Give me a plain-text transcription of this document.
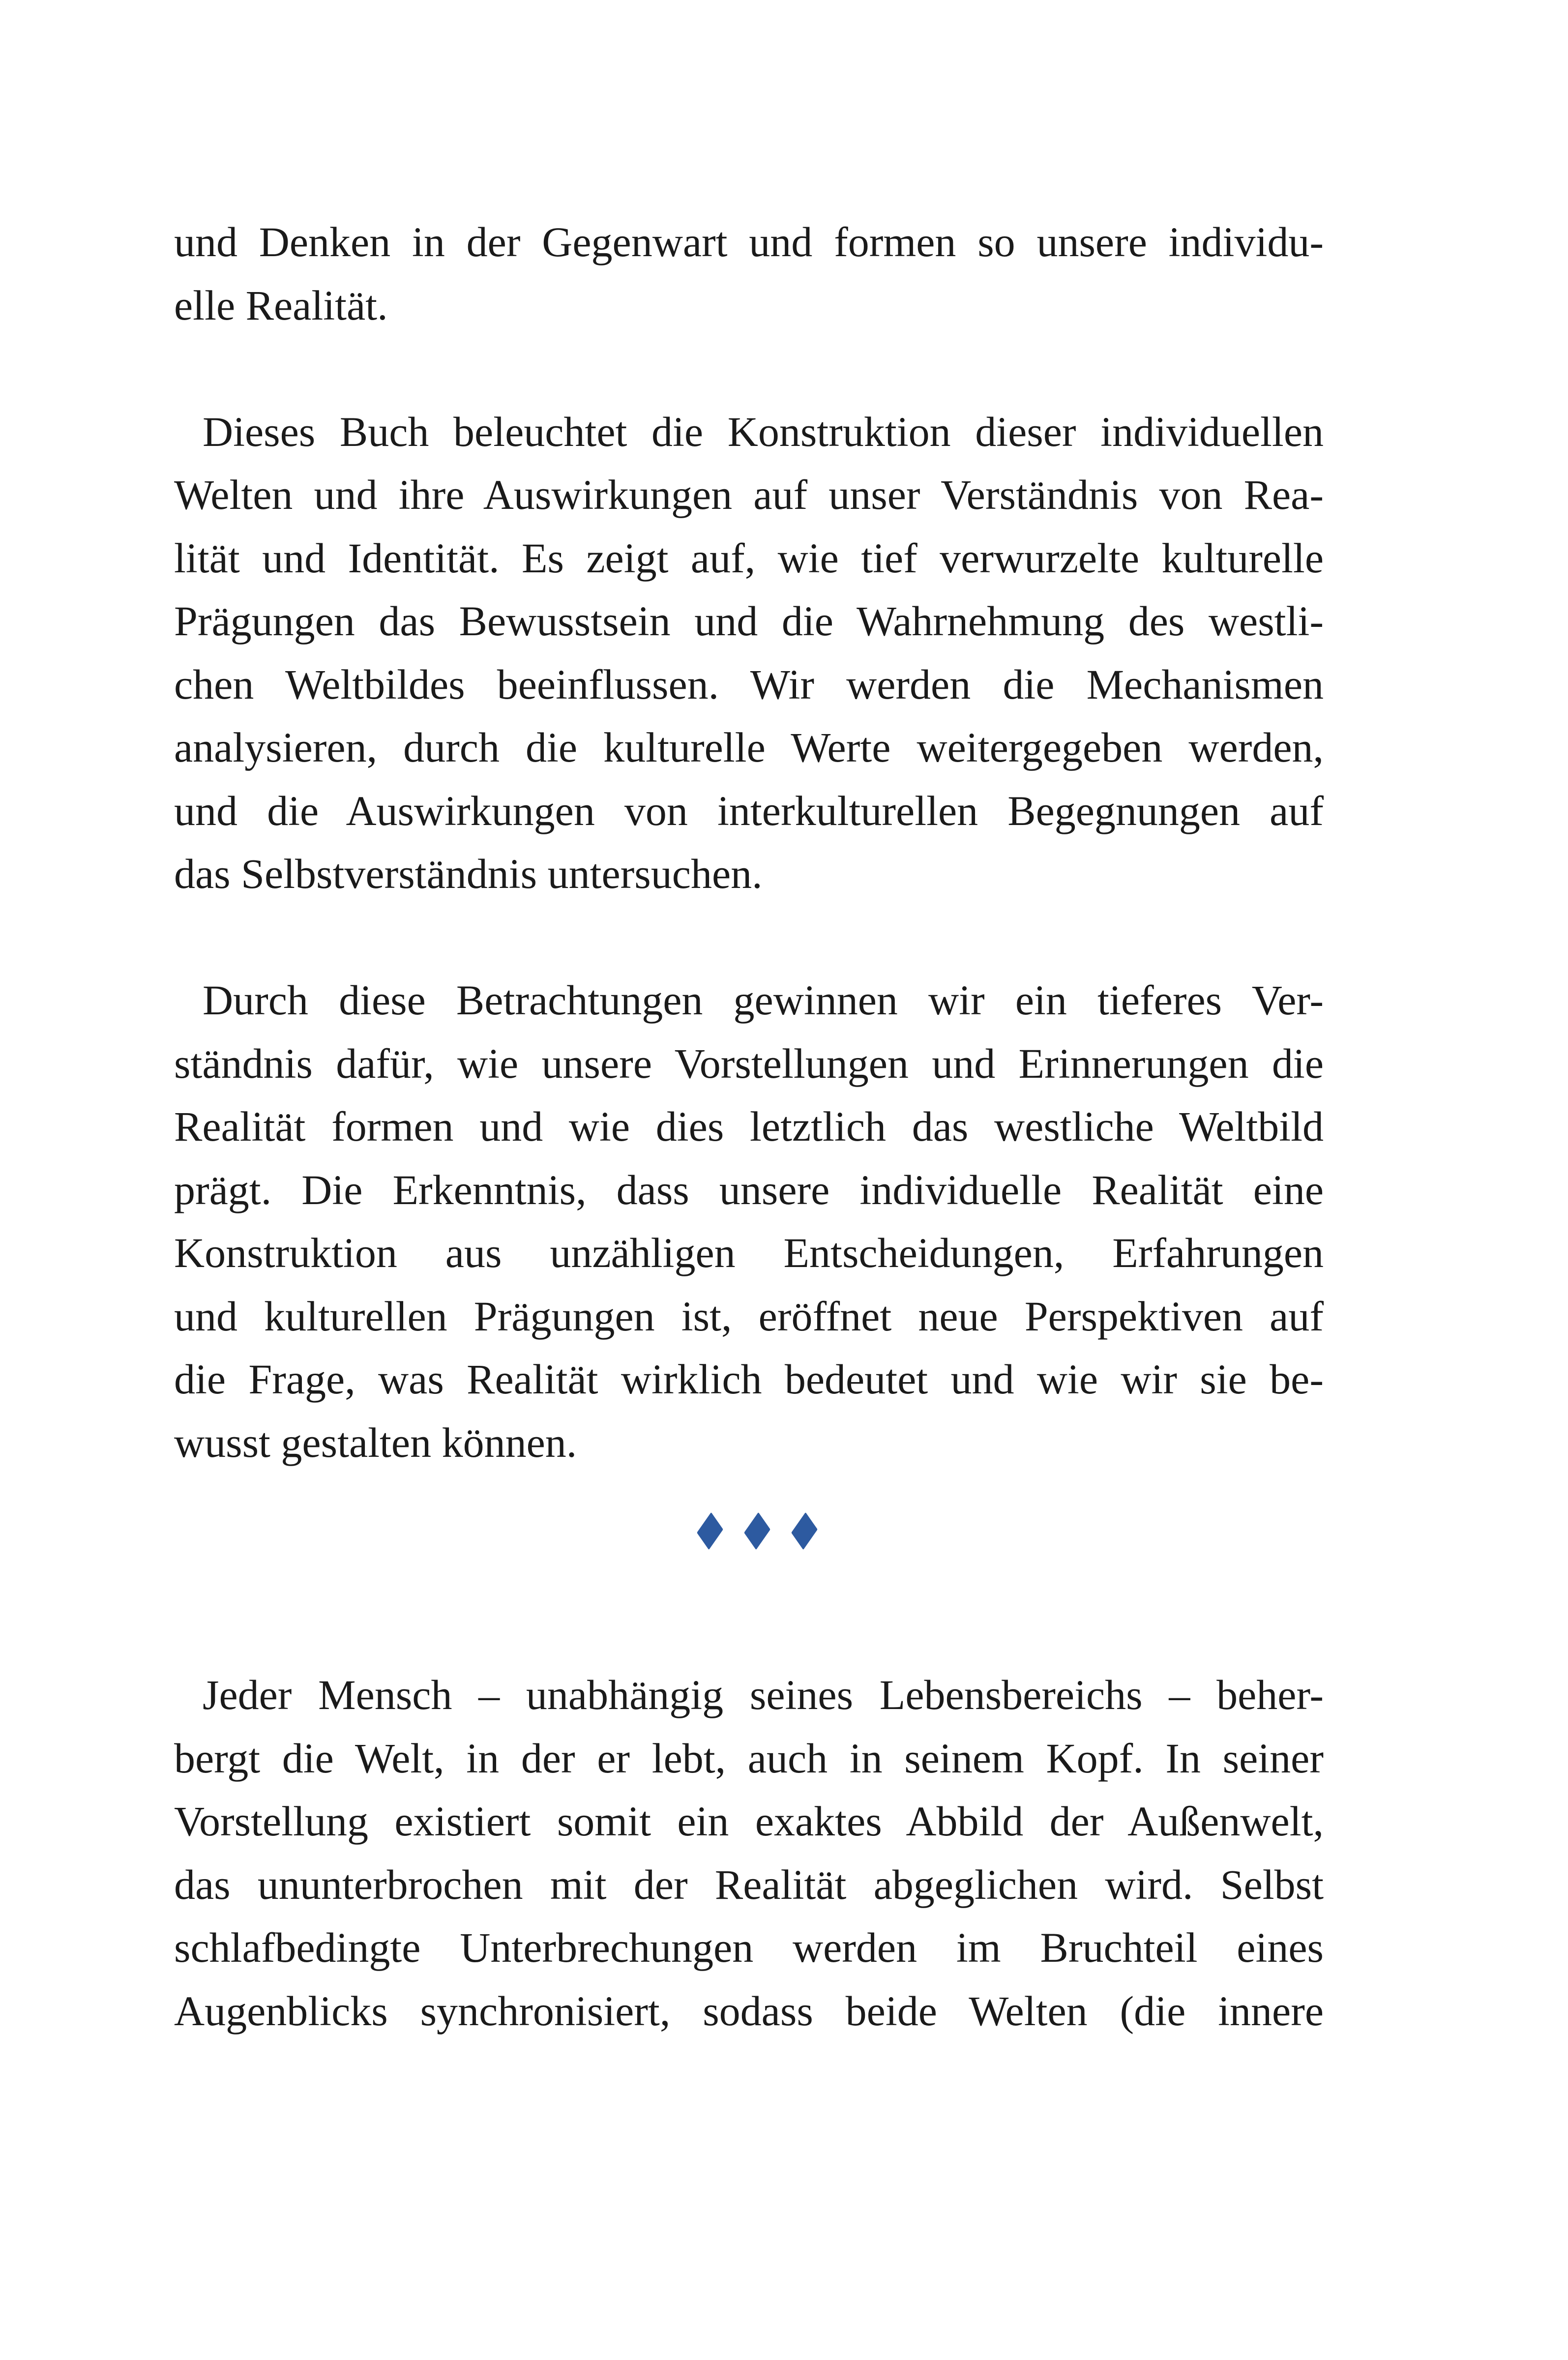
und Denken in der Gegenwart und formen so unsere individu-
elle Realität.

Dieses Buch beleuchtet die Konstruktion dieser individuellen
Welten und ihre Auswirkungen auf unser Verständnis von Rea-
lität und Identität. Es zeigt auf, wie tief verwurzelte kulturelle
Prägungen das Bewusstsein und die Wahrnehmung des westli-
chen Weltbildes beeinflussen. Wir werden die Mechanismen
analysieren, durch die kulturelle Werte weitergegeben werden,
und die Auswirkungen von interkulturellen Begegnungen auf
das Selbstverständnis untersuchen.

Durch diese Betrachtungen gewinnen wir ein tieferes Ver-
ständnis dafür, wie unsere Vorstellungen und Erinnerungen die
Realität formen und wie dies letztlich das westliche Weltbild
prägt. Die Erkenntnis, dass unsere individuelle Realität eine
Konstruktion aus unzähligen Entscheidungen, Erfahrungen
und kulturellen Prägungen ist, eröffnet neue Perspektiven auf
die Frage, was Realität wirklich bedeutet und wie wir sie be-
wusst gestalten können.

Jeder Mensch – unabhängig seines Lebensbereichs – beher-
bergt die Welt, in der er lebt, auch in seinem Kopf. In seiner
Vorstellung existiert somit ein exaktes Abbild der Außenwelt,
das ununterbrochen mit der Realität abgeglichen wird. Selbst
schlafbedingte Unterbrechungen werden im Bruchteil eines
Augenblicks synchronisiert, sodass beide Welten (die innere
